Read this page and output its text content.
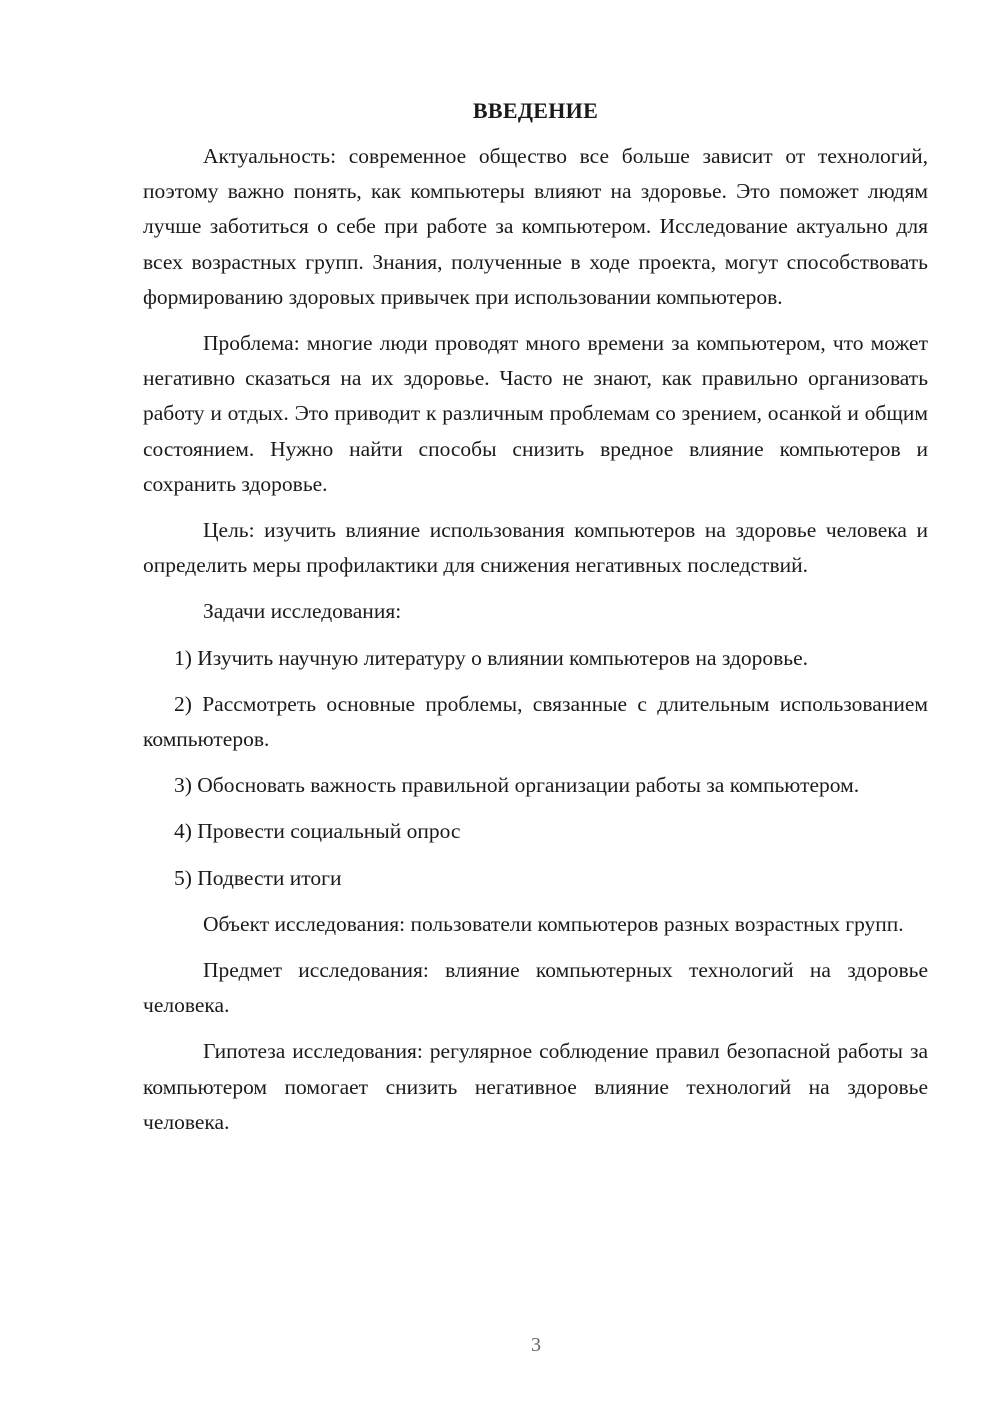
ВВЕДЕНИЕ

Актуальность: современное общество все больше зависит от технологий, поэтому важно понять, как компьютеры влияют на здоровье. Это поможет людям лучше заботиться о себе при работе за компьютером. Исследование актуально для всех возрастных групп. Знания, полученные в ходе проекта, могут способствовать формированию здоровых привычек при использовании компьютеров.

Проблема: многие люди проводят много времени за компьютером, что может негативно сказаться на их здоровье. Часто не знают, как правильно организовать работу и отдых. Это приводит к различным проблемам со зрением, осанкой и общим состоянием. Нужно найти способы снизить вредное влияние компьютеров и сохранить здоровье.

Цель: изучить влияние использования компьютеров на здоровье человека и определить меры профилактики для снижения негативных последствий.

Задачи исследования:

1) Изучить научную литературу о влиянии компьютеров на здоровье.

2) Рассмотреть основные проблемы, связанные с длительным использованием компьютеров.

3) Обосновать важность правильной организации работы за компьютером.

4) Провести социальный опрос

5) Подвести итоги

Объект исследования: пользователи компьютеров разных возрастных групп.

Предмет исследования: влияние компьютерных технологий на здоровье человека.

Гипотеза исследования: регулярное соблюдение правил безопасной работы за компьютером помогает снизить негативное влияние технологий на здоровье человека.

3
